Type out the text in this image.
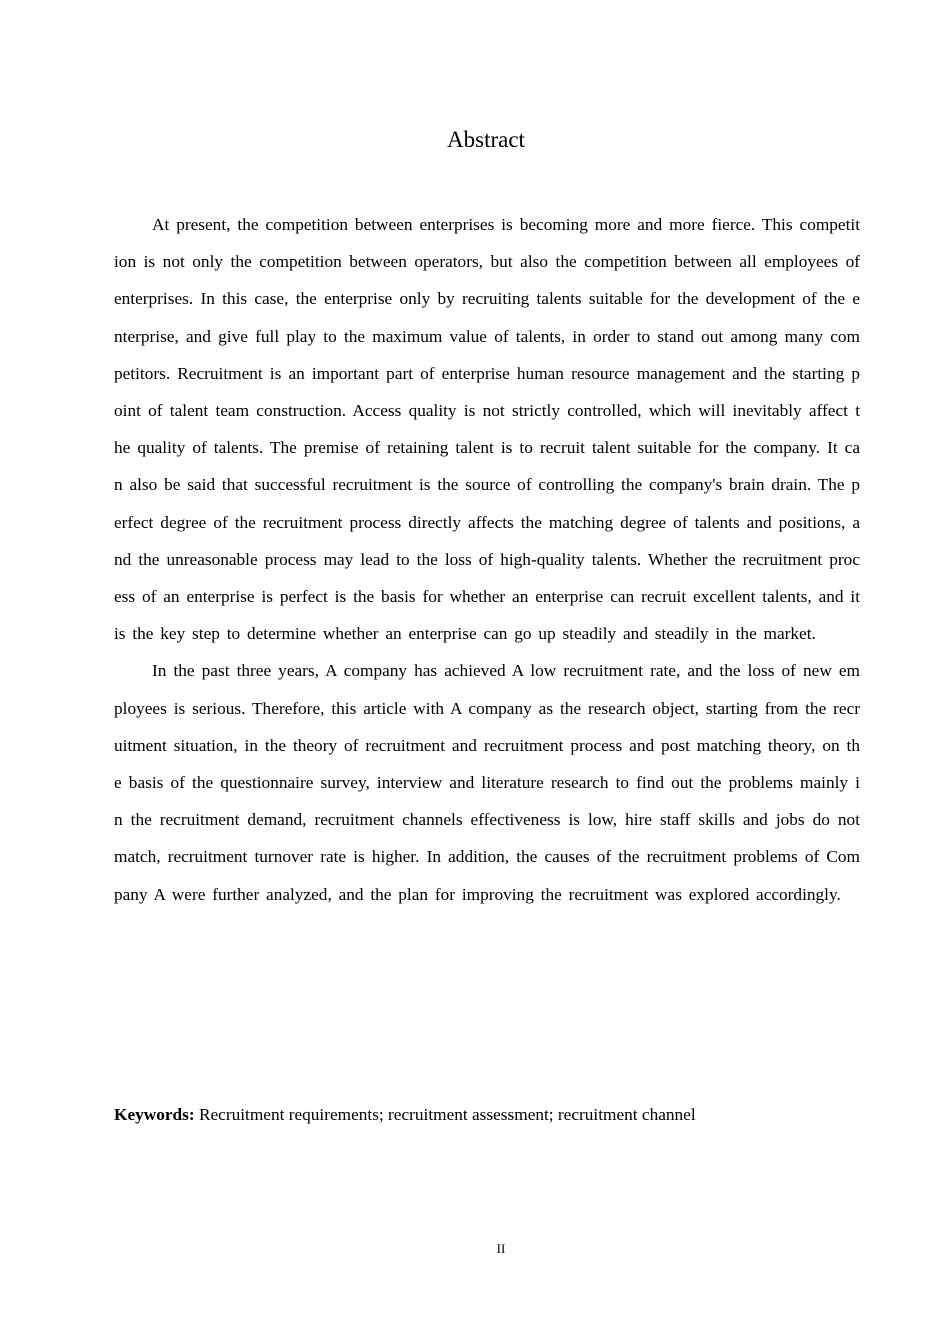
Abstract

At present, the competition between enterprises is becoming more and more fierce. This competition is not only the competition between operators, but also the competition between all employees of enterprises. In this case, the enterprise only by recruiting talents suitable for the development of the enterprise, and give full play to the maximum value of talents, in order to stand out among many competitors. Recruitment is an important part of enterprise human resource management and the starting point of talent team construction. Access quality is not strictly controlled, which will inevitably affect the quality of talents. The premise of retaining talent is to recruit talent suitable for the company. It can also be said that successful recruitment is the source of controlling the company's brain drain. The perfect degree of the recruitment process directly affects the matching degree of talents and positions, and the unreasonable process may lead to the loss of high-quality talents. Whether the recruitment process of an enterprise is perfect is the basis for whether an enterprise can recruit excellent talents, and it is the key step to determine whether an enterprise can go up steadily and steadily in the market.

In the past three years, A company has achieved A low recruitment rate, and the loss of new employees is serious. Therefore, this article with A company as the research object, starting from the recruitment situation, in the theory of recruitment and recruitment process and post matching theory, on the basis of the questionnaire survey, interview and literature research to find out the problems mainly in the recruitment demand, recruitment channels effectiveness is low, hire staff skills and jobs do not match, recruitment turnover rate is higher. In addition, the causes of the recruitment problems of Company A were further analyzed, and the plan for improving the recruitment was explored accordingly.

Keywords: Recruitment requirements; recruitment assessment; recruitment channel

II
